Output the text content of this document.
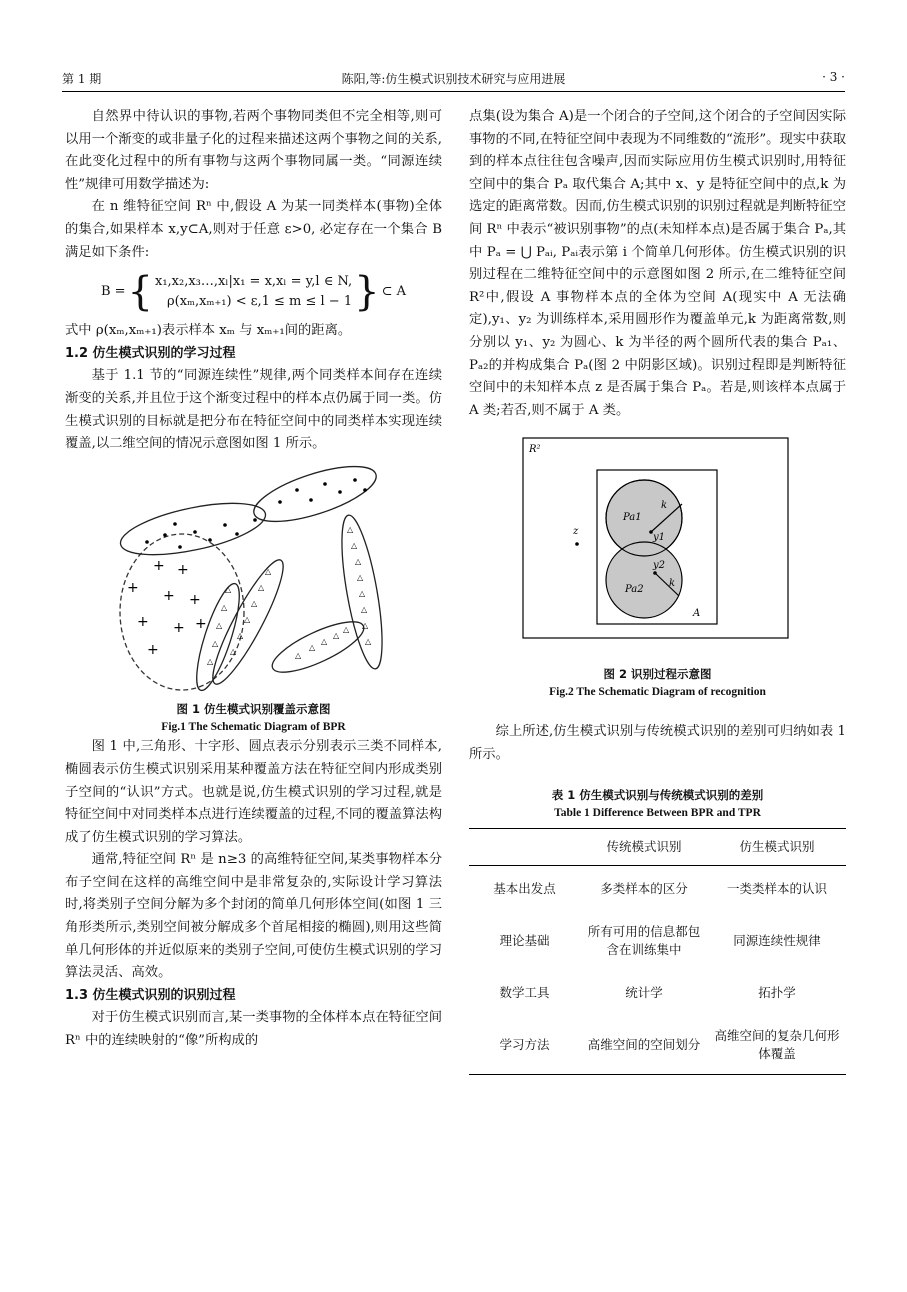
第 1 期	陈阳,等:仿生模式识别技术研究与应用进展	· 3 ·

自然界中待认识的事物,若两个事物同类但不完全相等,则可以用一个渐变的或非量子化的过程来描述这两个事物之间的关系,在此变化过程中的所有事物与这两个事物同属一类。“同源连续性”规律可用数学描述为:

在 n 维特征空间 Rⁿ 中,假设 A 为某一同类样本(事物)全体的集合,如果样本 x,y⊂A,则对于任意 ε>0, 必定存在一个集合 B 满足如下条件:

B = { x₁,x₂,x₃…,xₗ|x₁ = x,xₗ = y,l ∈ N,
ρ(xₘ,xₘ₊₁) < ε,1 ≤ m ≤ l − 1 } ⊂ A

式中 ρ(xₘ,xₘ₊₁)表示样本 xₘ 与 xₘ₊₁间的距离。

1.2 仿生模式识别的学习过程

基于 1.1 节的“同源连续性”规律,两个同类样本间存在连续渐变的关系,并且位于这个渐变过程中的样本点仍属于同一类。仿生模式识别的目标就是把分布在特征空间中的同类样本实现连续覆盖,以二维空间的情况示意图如图 1 所示。

+ +
+ + +
+ + +
+
△
△
△
△
△
△
△
△
△
△
△
△
△
△
△
△
△
△
△
△
△
△
△
△
图 1 仿生模式识别覆盖示意图
Fig.1 The Schematic Diagram of BPR

图 1 中,三角形、十字形、圆点表示分别表示三类不同样本,椭圆表示仿生模式识别采用某种覆盖方法在特征空间内形成类别子空间的“认识”方式。也就是说,仿生模式识别的学习过程,就是特征空间中对同类样本点进行连续覆盖的过程,不同的覆盖算法构成了仿生模式识别的学习算法。

通常,特征空间 Rⁿ 是 n≥3 的高维特征空间,某类事物样本分布子空间在这样的高维空间中是非常复杂的,实际设计学习算法时,将类别子空间分解为多个封闭的简单几何形体空间(如图 1 三角形类所示,类别空间被分解成多个首尾相接的椭圆),则用这些简单几何形体的并近似原来的类别子空间,可使仿生模式识别的学习算法灵活、高效。

1.3 仿生模式识别的识别过程

对于仿生模式识别而言,某一类事物的全体样本点在特征空间 Rⁿ 中的连续映射的“像”所构成的

点集(设为集合 A)是一个闭合的子空间,这个闭合的子空间因实际事物的不同,在特征空间中表现为不同维数的“流形”。现实中获取到的样本点往往包含噪声,因而实际应用仿生模式识别时,用特征空间中的集合 Pₐ 取代集合 A;其中 x、y 是特征空间中的点,k 为选定的距离常数。因而,仿生模式识别的识别过程就是判断特征空间 Rⁿ 中表示“被识别事物”的点(未知样本点)是否属于集合 Pₐ,其中 Pₐ = ⋃ Pₐᵢ, Pₐᵢ表示第 i 个简单几何形体。仿生模式识别的识别过程在二维特征空间中的示意图如图 2 所示,在二维特征空间 R²中,假设 A 事物样本点的全体为空间 A(现实中 A 无法确定),y₁、y₂ 为训练样本,采用圆形作为覆盖单元,k 为距离常数,则分别以 y₁、y₂ 为圆心、k 为半径的两个圆所代表的集合 Pₐ₁、Pₐ₂的并构成集合 Pₐ(图 2 中阴影区域)。识别过程即是判断特征空间中的未知样本点 z 是否属于集合 Pₐ。若是,则该样本点属于 A 类;若否,则不属于 A 类。

R²
z
Pa1
k
y1
y2
Pa2
k
A
图 2 识别过程示意图
Fig.2 The Schematic Diagram of recognition

综上所述,仿生模式识别与传统模式识别的差别可归纳如表 1 所示。

表 1 仿生模式识别与传统模式识别的差别
Table 1 Difference Between BPR and TPR
	传统模式识别	仿生模式识别
基本出发点	多类样本的区分	一类类样本的认识
理论基础	所有可用的信息都包含在训练集中	同源连续性规律
数学工具	统计学	拓扑学
学习方法	高维空间的空间划分	高维空间的复杂几何形体覆盖
